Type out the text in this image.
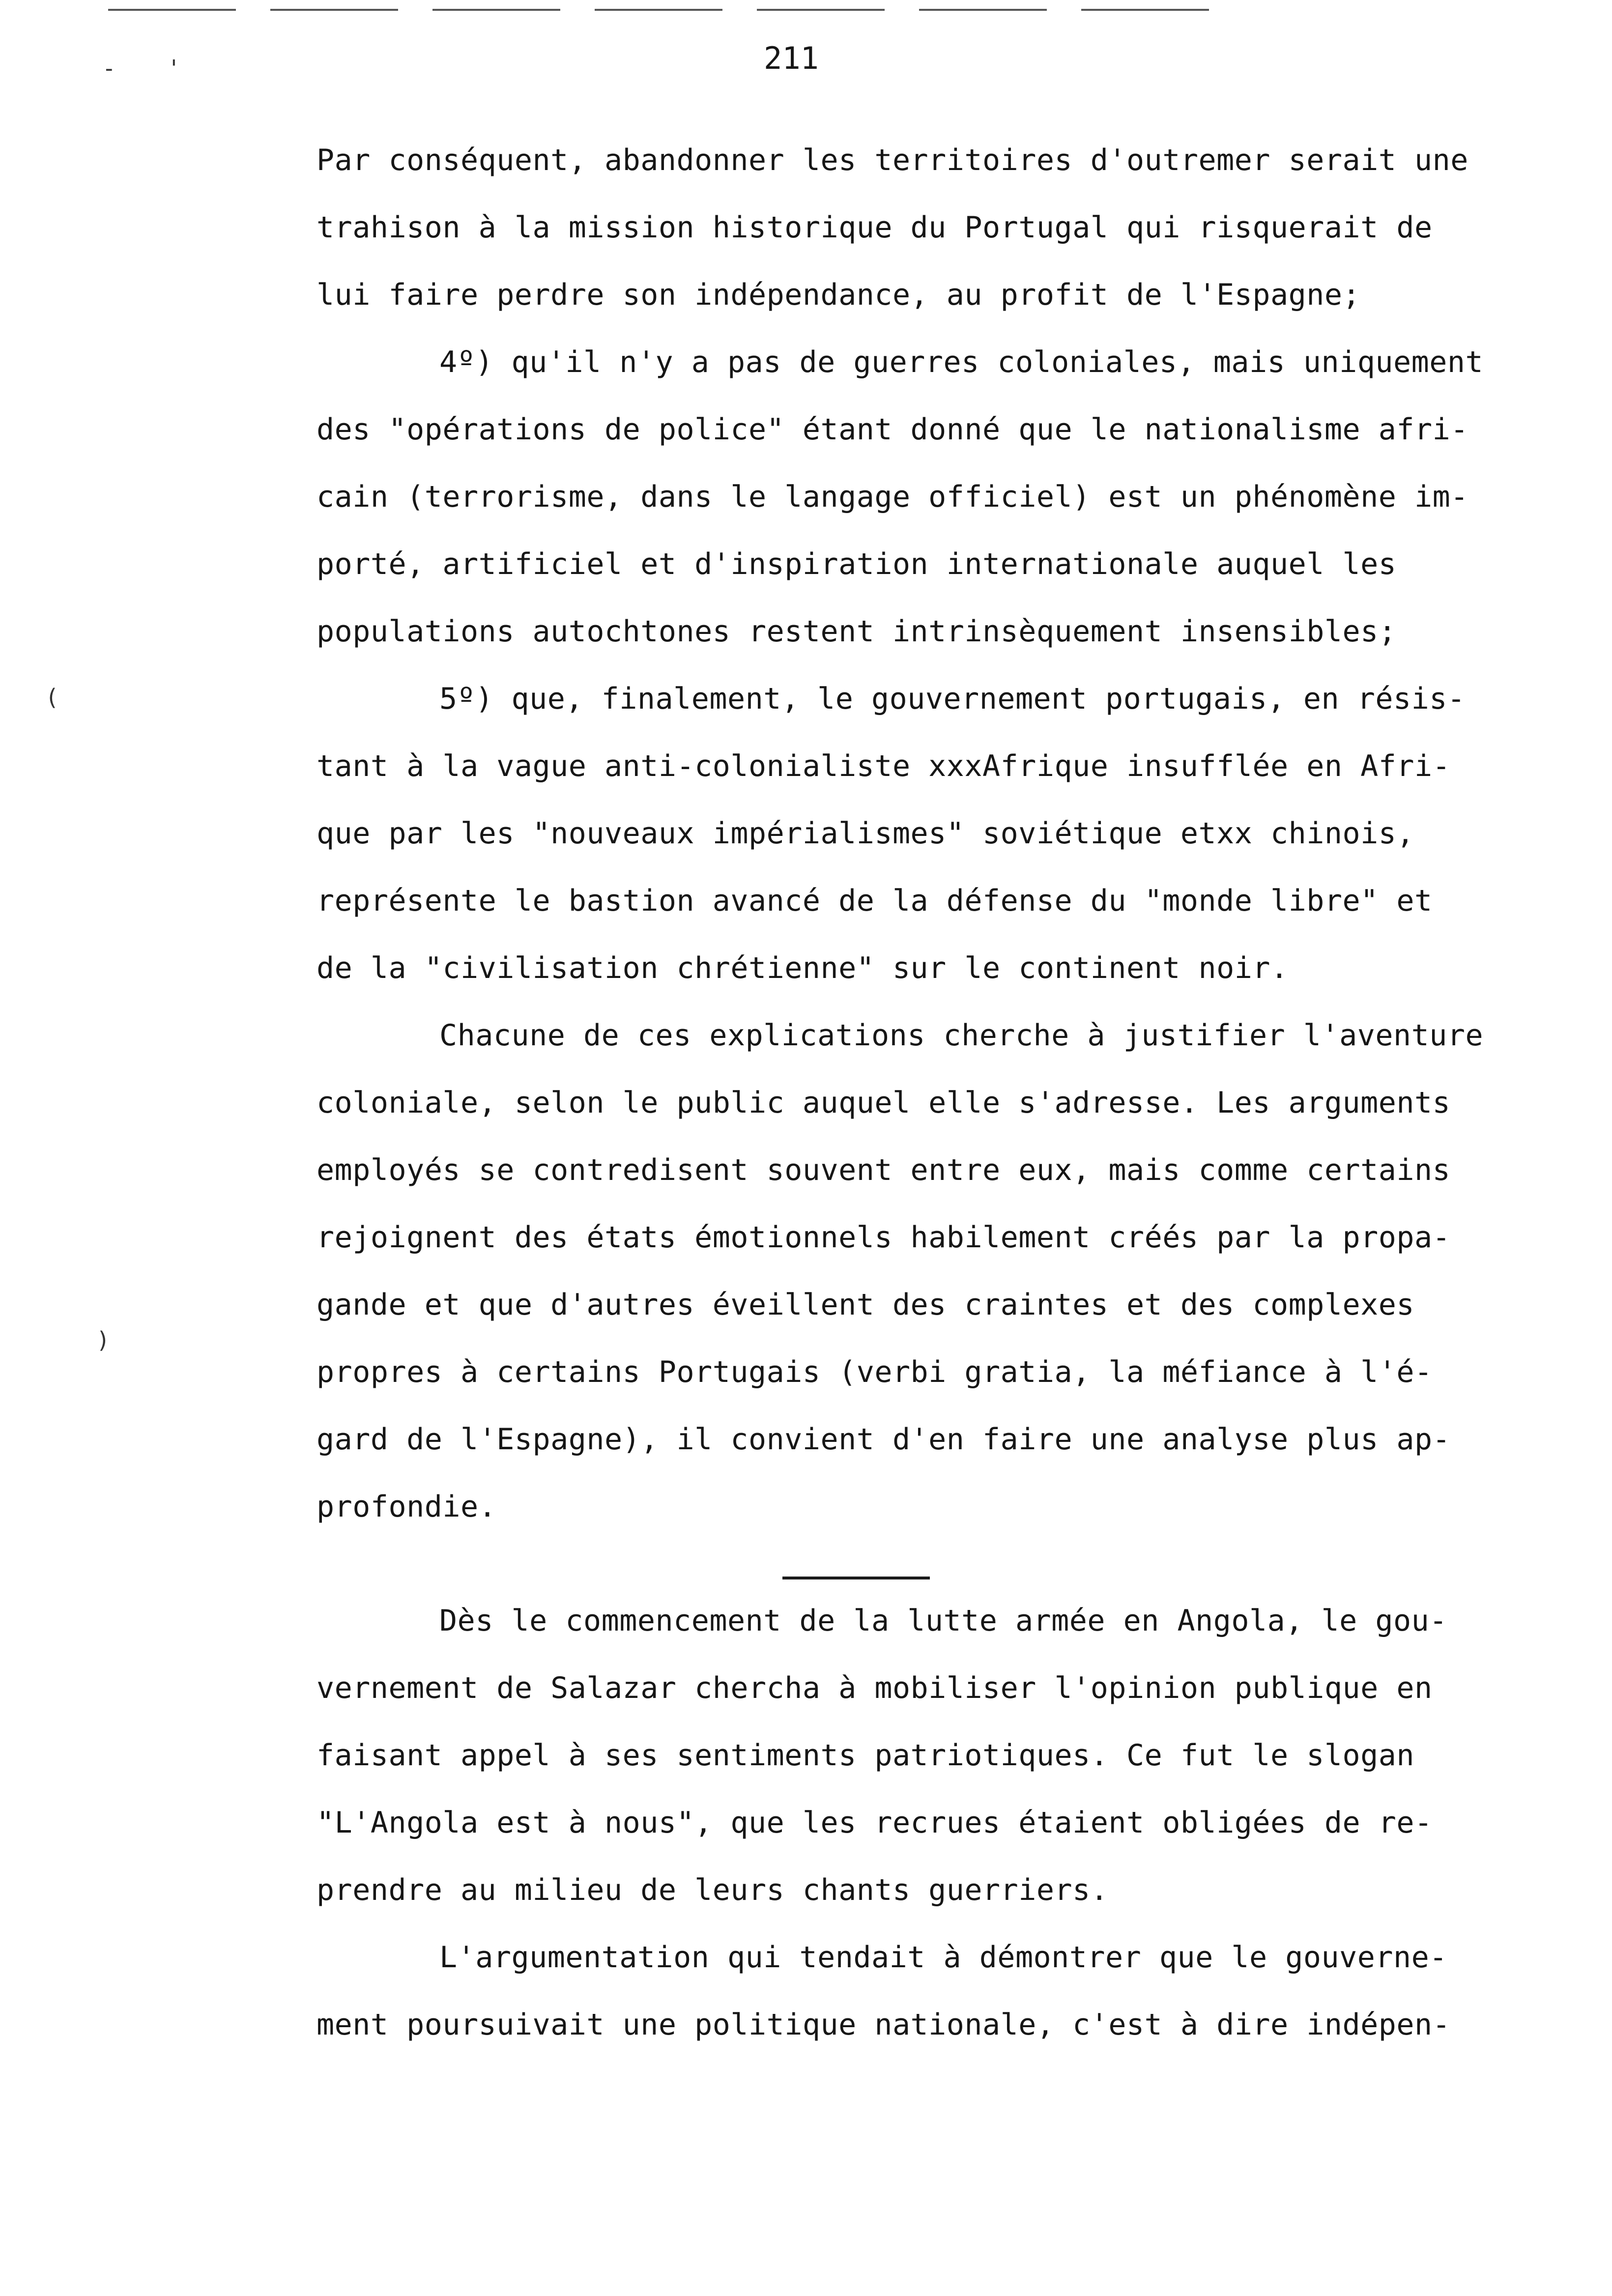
211
- '
(
)
Par conséquent, abandonner les territoires d'outremer serait une
trahison à la mission historique du Portugal qui risquerait de
lui faire perdre son indépendance, au profit de l'Espagne;
4º) qu'il n'y a pas de guerres coloniales, mais uniquement
des "opérations de police" étant donné que le nationalisme afri-
cain (terrorisme, dans le langage officiel) est un phénomène im-
porté, artificiel et d'inspiration internationale auquel les
populations autochtones restent intrinsèquement insensibles;
5º) que, finalement, le gouvernement portugais, en résis-
tant à la vague anti-colonialiste xxxAfrique insufflée en Afri-
que par les "nouveaux impérialismes" soviétique etxx chinois,
représente le bastion avancé de la défense du "monde libre" et
de la "civilisation chrétienne" sur le continent noir.
Chacune de ces explications cherche à justifier l'aventure
coloniale, selon le public auquel elle s'adresse. Les arguments
employés se contredisent souvent entre eux, mais comme certains
rejoignent des états émotionnels habilement créés par la propa-
gande et que d'autres éveillent des craintes et des complexes
propres à certains Portugais (verbi gratia, la méfiance à l'é-
gard de l'Espagne), il convient d'en faire une analyse plus ap-
profondie.
Dès le commencement de la lutte armée en Angola, le gou-
vernement de Salazar chercha à mobiliser l'opinion publique en
faisant appel à ses sentiments patriotiques. Ce fut le slogan
"L'Angola est à nous", que les recrues étaient obligées de re-
prendre au milieu de leurs chants guerriers.
L'argumentation qui tendait à démontrer que le gouverne-
ment poursuivait une politique nationale, c'est à dire indépen-
